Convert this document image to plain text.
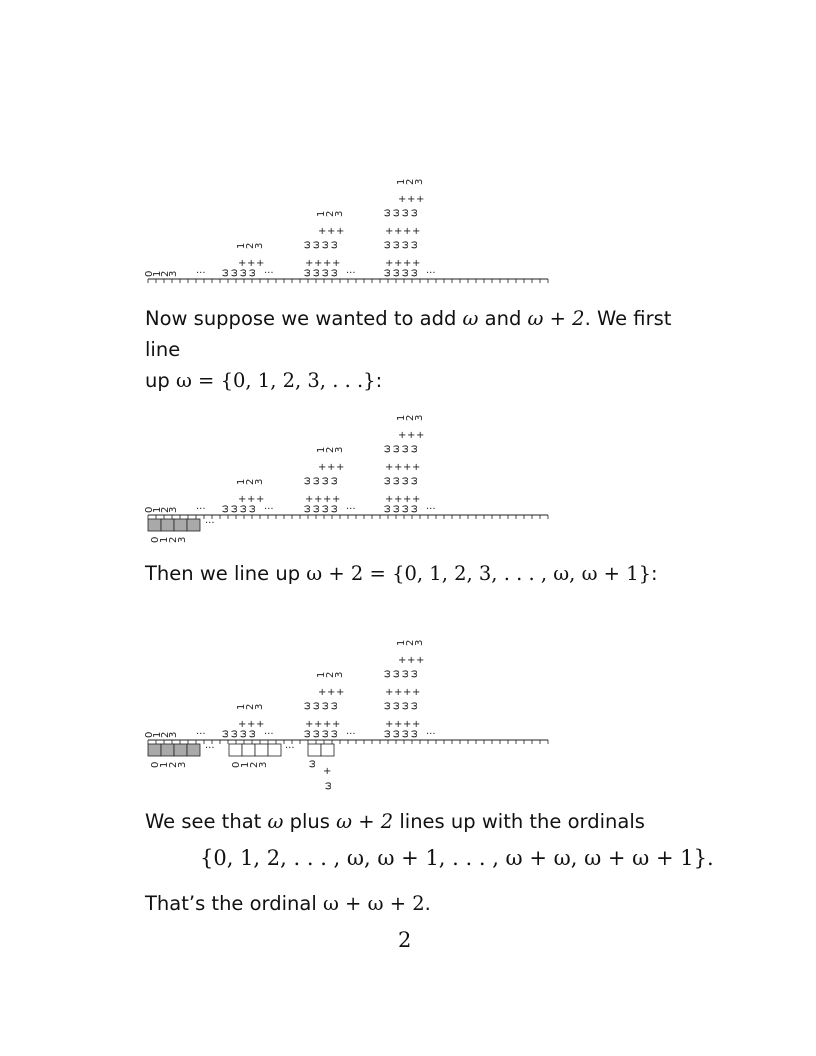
0
1
2
3 ··· ω
ω
ω
ω ···	ω
ω
ω
ω ···	ω
ω
ω
ω ···
+ + +
1
2
3
+ + + +
ω
ω
ω
ω
+ + +
1
2
3
+ + + +
ω
ω
ω
ω
+ + + +
ω
ω
ω
ω
+ + +
1
2
3
0
1
2
3 ··· ω
ω
ω
ω ···	ω
ω
ω
ω ···	ω
ω
ω
ω ···
+ + +
1
2
3
+ + + +
ω
ω
ω
ω
+ + +
1
2
3
+ + + +
ω
ω
ω
ω
+ + + +
ω
ω
ω
ω
+ + +
1
2
3
0
1
2
3
···
0
1
2
3 ··· ω
ω
ω
ω ···	ω
ω
ω
ω ···	ω
ω
ω
ω ···
+ + +
1
2
3
+ + + +
ω
ω
ω
ω
+ + +
1
2
3
+ + + +
ω
ω
ω
ω
+ + + +
ω
ω
ω
ω
+ + +
1
2
3
0
1
2
3
···
0
1
2
3
···
ω
+
ω
Now suppose we wanted to add ω and ω + 2. We first line
up ω = {0, 1, 2, 3, . . .}:
Then we line up ω + 2 = {0, 1, 2, 3, . . . , ω, ω + 1}:
We see that ω plus ω + 2 lines up with the ordinals
{0, 1, 2, . . . , ω, ω + 1, . . . , ω + ω, ω + ω + 1}.
That’s the ordinal ω + ω + 2.
2
